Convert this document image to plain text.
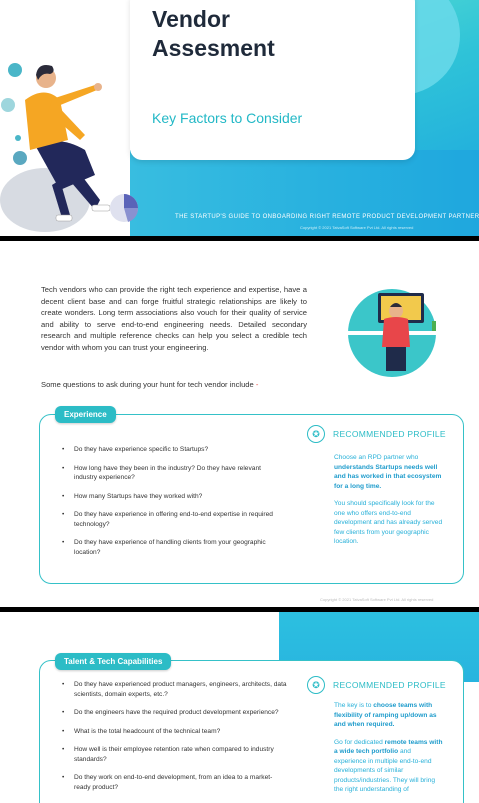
Vendor
Assesment
Key Factors to Consider
THE STARTUP'S GUIDE TO ONBOARDING RIGHT REMOTE PRODUCT DEVELOPMENT PARTNER
Copyright © 2021 TatvaSoft Software Pvt Ltd. All rights reserved
Tech vendors who can provide the right tech experience and expertise, have a decent client base and can forge fruitful strategic relationships are likely to create wonders. Long term associations also vouch for their quality of service and ability to serve end-to-end engineering needs. Detailed secondary research and multiple reference checks can help you select a credible tech vendor with whom you can trust your engineering.
Some questions to ask during your hunt for tech vendor include -
Experience
• Do they have experience specific to Startups?
• How long have they been in the industry? Do they have relevant industry experience?
• How many Startups have they worked with?
• Do they have experience in offering end-to-end expertise in required technology?
• Do they have experience of handling clients from your geographic location?
✪	RECOMMENDED PROFILE

Choose an RPD partner who understands Startups needs well and has worked in that ecosystem for a long time.

You should specifically look for the one who offers end-to-end development and has already served few clients from your geographic location.

Copyright © 2021 TatvaSoft Software Pvt Ltd. All rights reserved
Talent & Tech Capabilities
• Do they have experienced product managers, engineers, architects, data scientists, domain experts, etc.?
• Do the engineers have the required product development experience?
• What is the total headcount of the technical team?
• How well is their employee retention rate when compared to industry standards?
• Do they work on end-to-end development, from an idea to a market-ready product?
✪	RECOMMENDED PROFILE

The key is to choose teams with flexibility of ramping up/down as and when required.

Go for dedicated remote teams with a wide tech portfolio and experience in multiple end-to-end developments of similar products/industries. They will bring the right understanding of
